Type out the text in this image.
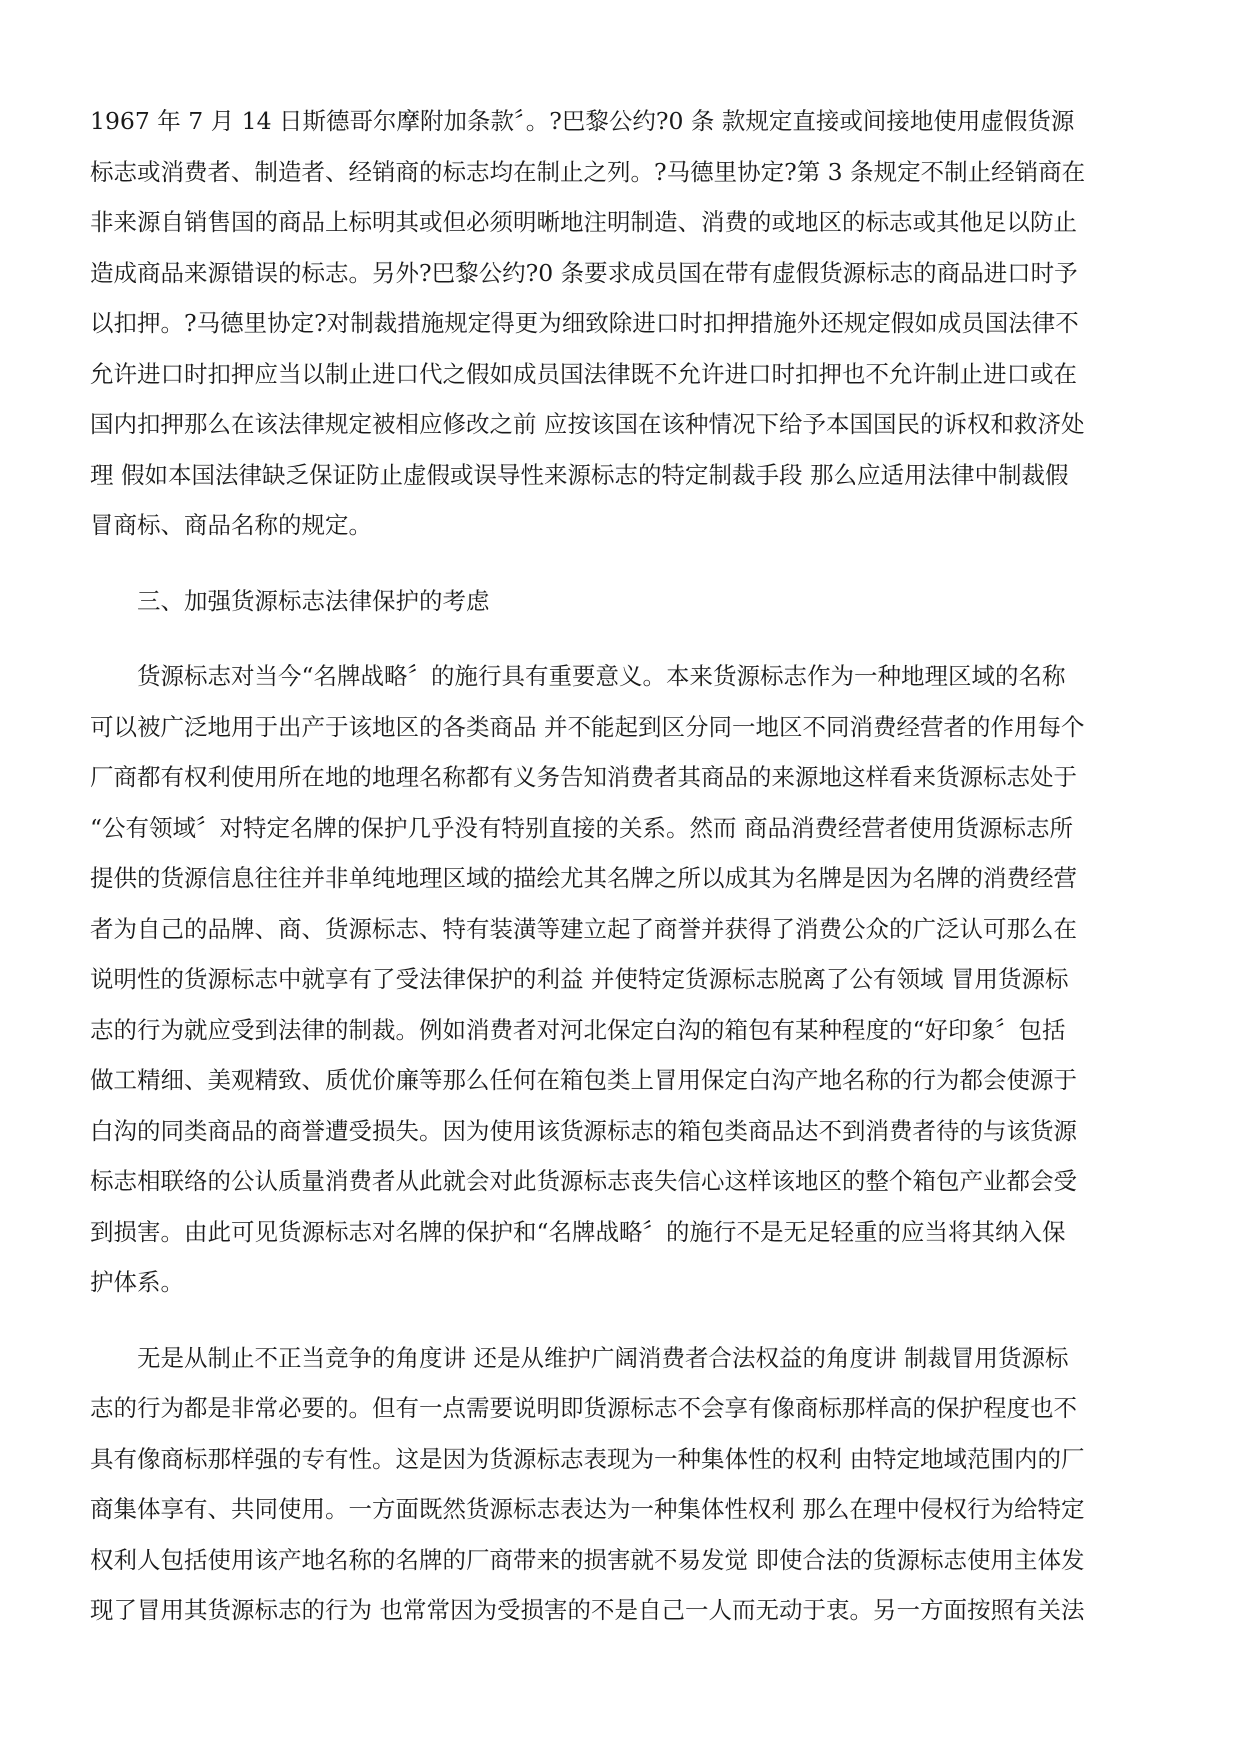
1967 年 7 月 14 日斯德哥尔摩附加条款〞。?巴黎公约?0 条 款规定直接或间接地使用虚假货源
标志或消费者、制造者、经销商的标志均在制止之列。?马德里协定?第 3 条规定不制止经销商在
非来源自销售国的商品上标明其或但必须明晰地注明制造、消费的或地区的标志或其他足以防止
造成商品来源错误的标志。另外?巴黎公约?0 条要求成员国在带有虚假货源标志的商品进口时予
以扣押。?马德里协定?对制裁措施规定得更为细致除进口时扣押措施外还规定假如成员国法律不
允许进口时扣押应当以制止进口代之假如成员国法律既不允许进口时扣押也不允许制止进口或在
国内扣押那么在该法律规定被相应修改之前 应按该国在该种情况下给予本国国民的诉权和救济处
理 假如本国法律缺乏保证防止虚假或误导性来源标志的特定制裁手段 那么应适用法律中制裁假
冒商标、商品名称的规定。
三、加强货源标志法律保护的考虑
货源标志对当今“名牌战略〞的施行具有重要意义。本来货源标志作为一种地理区域的名称
可以被广泛地用于出产于该地区的各类商品 并不能起到区分同一地区不同消费经营者的作用每个
厂商都有权利使用所在地的地理名称都有义务告知消费者其商品的来源地这样看来货源标志处于
“公有领域〞对特定名牌的保护几乎没有特别直接的关系。然而 商品消费经营者使用货源标志所
提供的货源信息往往并非单纯地理区域的描绘尤其名牌之所以成其为名牌是因为名牌的消费经营
者为自己的品牌、商、货源标志、特有装潢等建立起了商誉并获得了消费公众的广泛认可那么在
说明性的货源标志中就享有了受法律保护的利益 并使特定货源标志脱离了公有领域 冒用货源标
志的行为就应受到法律的制裁。例如消费者对河北保定白沟的箱包有某种程度的“好印象〞包括
做工精细、美观精致、质优价廉等那么任何在箱包类上冒用保定白沟产地名称的行为都会使源于
白沟的同类商品的商誉遭受损失。因为使用该货源标志的箱包类商品达不到消费者待的与该货源
标志相联络的公认质量消费者从此就会对此货源标志丧失信心这样该地区的整个箱包产业都会受
到损害。由此可见货源标志对名牌的保护和“名牌战略〞的施行不是无足轻重的应当将其纳入保
护体系。
无是从制止不正当竞争的角度讲 还是从维护广阔消费者合法权益的角度讲 制裁冒用货源标
志的行为都是非常必要的。但有一点需要说明即货源标志不会享有像商标那样高的保护程度也不
具有像商标那样强的专有性。这是因为货源标志表现为一种集体性的权利 由特定地域范围内的厂
商集体享有、共同使用。一方面既然货源标志表达为一种集体性权利 那么在理中侵权行为给特定
权利人包括使用该产地名称的名牌的厂商带来的损害就不易发觉 即使合法的货源标志使用主体发
现了冒用其货源标志的行为 也常常因为受损害的不是自己一人而无动于衷。另一方面按照有关法
